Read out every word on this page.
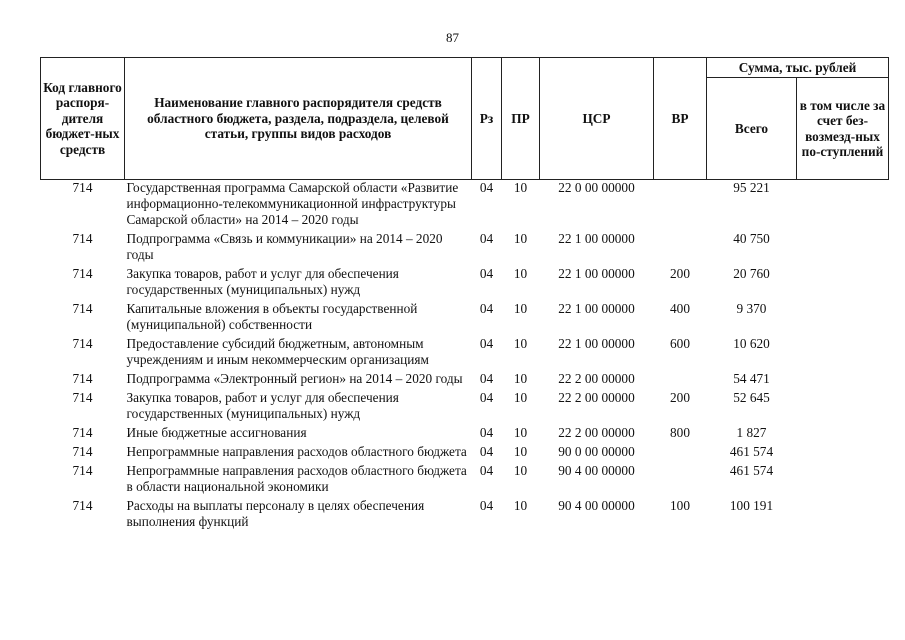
87
Код главного распоря-дителя бюджет-ных средств	Наименование главного распорядителя средств областного бюджета, раздела, подраздела, целевой статьи, группы видов расходов	Рз	ПР	ЦСР	ВР	Сумма, тыс. рублей	
						Всего	в том числе за счет без-возмезд-ных по-ступлений
714	Государственная программа Самарской области «Развитие информационно-телекоммуникационной инфраструктуры Самарской области» на 2014 – 2020 годы	04	10	22 0 00 00000		95 221	
714	Подпрограмма «Связь и коммуникации» на 2014 – 2020 годы	04	10	22 1 00 00000		40 750	
714	Закупка товаров, работ и услуг для обеспечения государственных (муниципальных) нужд	04	10	22 1 00 00000	200	20 760	
714	Капитальные вложения в объекты государственной (муниципальной) собственности	04	10	22 1 00 00000	400	9 370	
714	Предоставление субсидий бюджетным, автономным учреждениям и иным некоммерческим организациям	04	10	22 1 00 00000	600	10 620	
714	Подпрограмма «Электронный регион» на 2014 – 2020 годы	04	10	22 2 00 00000		54 471	
714	Закупка товаров, работ и услуг для обеспечения государственных (муниципальных) нужд	04	10	22 2 00 00000	200	52 645	
714	Иные бюджетные ассигнования	04	10	22 2 00 00000	800	1 827	
714	Непрограммные направления расходов областного бюджета	04	10	90 0 00 00000		461 574	
714	Непрограммные направления расходов областного бюджета в области национальной экономики	04	10	90 4 00 00000		461 574	
714	Расходы на выплаты персоналу в целях обеспечения выполнения функций	04	10	90 4 00 00000	100	100 191	
